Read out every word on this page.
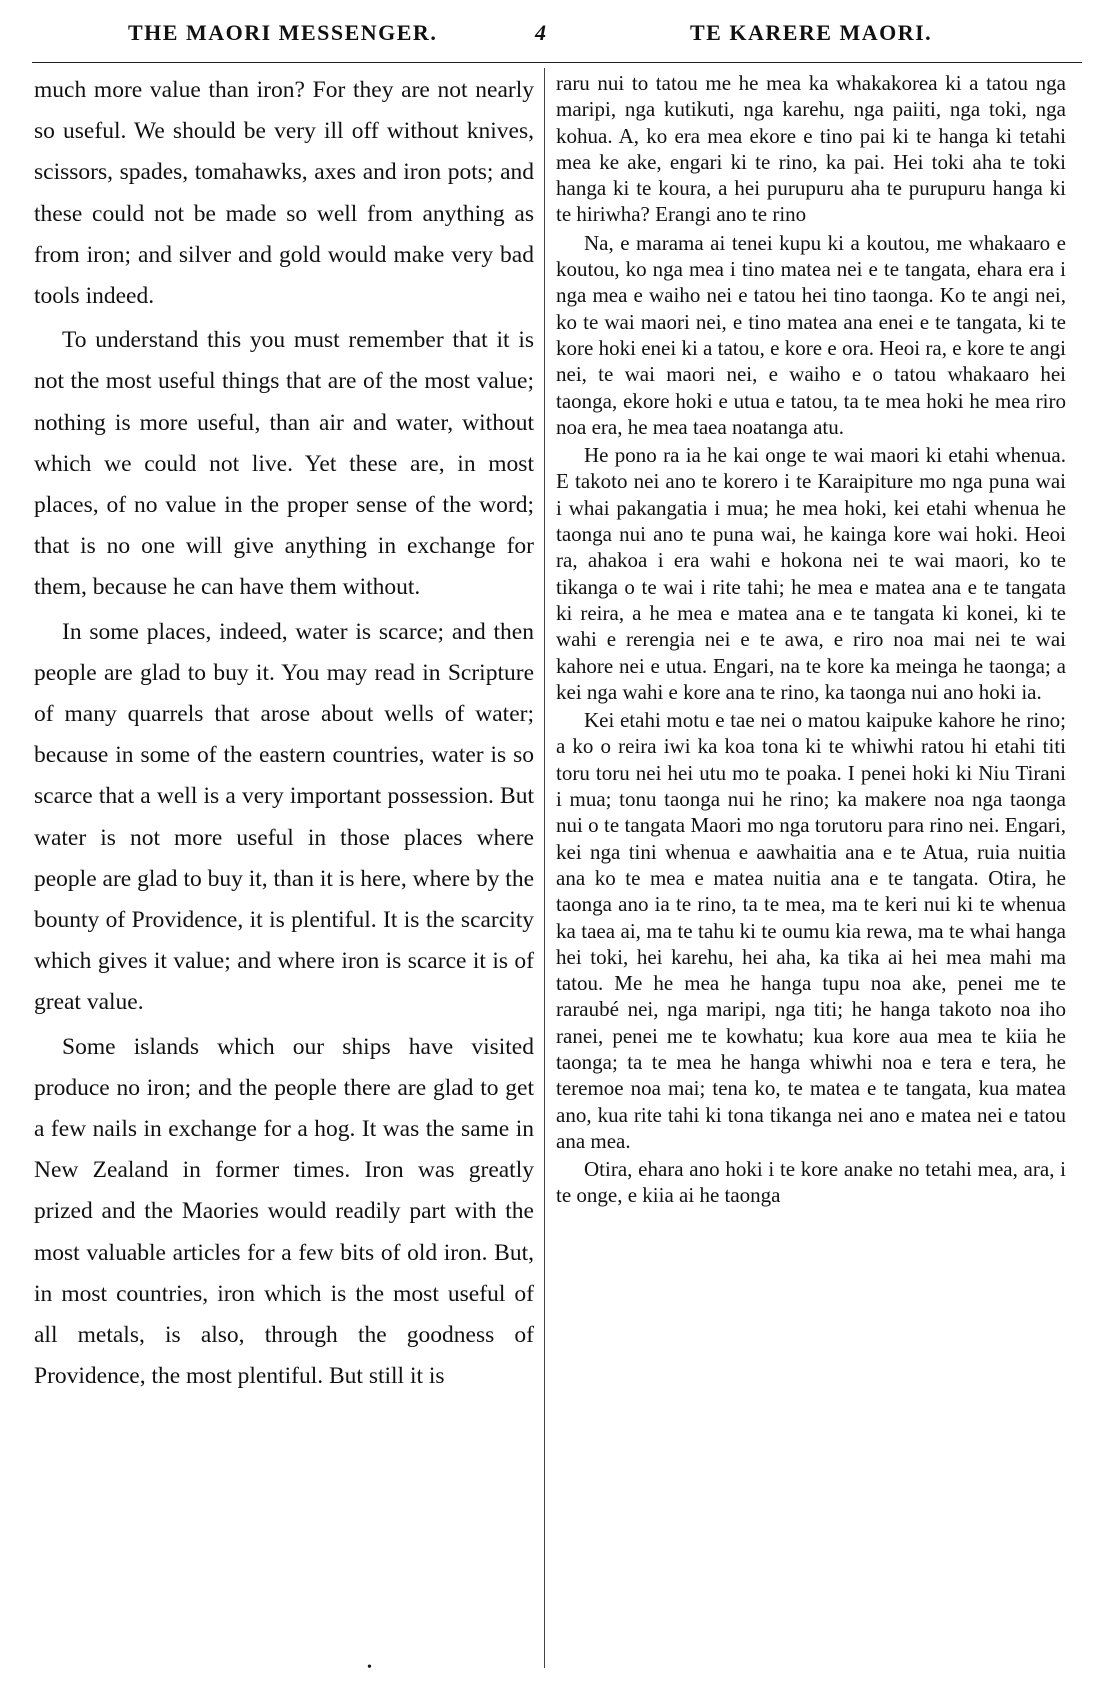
THE MAORI MESSENGER.	4	TE KARERE MAORI.

much more value than iron? For they are not nearly so useful. We should be very ill off without knives, scissors, spades, tomahawks, axes and iron pots; and these could not be made so well from anything as from iron; and silver and gold would make very bad tools indeed.

To understand this you must remember that it is not the most useful things that are of the most value; nothing is more useful, than air and water, without which we could not live. Yet these are, in most places, of no value in the proper sense of the word; that is no one will give anything in exchange for them, because he can have them without.

In some places, indeed, water is scarce; and then people are glad to buy it. You may read in Scripture of many quarrels that arose about wells of water; because in some of the eastern countries, water is so scarce that a well is a very important possession. But water is not more useful in those places where people are glad to buy it, than it is here, where by the bounty of Providence, it is plentiful. It is the scarcity which gives it value; and where iron is scarce it is of great value.

Some islands which our ships have visited produce no iron; and the people there are glad to get a few nails in exchange for a hog. It was the same in New Zealand in former times. Iron was greatly prized and the Maories would readily part with the most valuable articles for a few bits of old iron. But, in most countries, iron which is the most useful of all metals, is also, through the goodness of Providence, the most plentiful. But still it is

raru nui to tatou me he mea ka whakakorea ki a tatou nga maripi, nga kutikuti, nga karehu, nga paiiti, nga toki, nga kohua. A, ko era mea ekore e tino pai ki te hanga ki tetahi mea ke ake, engari ki te rino, ka pai. Hei toki aha te toki hanga ki te koura, a hei purupuru aha te purupuru hanga ki te hiriwha? Erangi ano te rino

Na, e marama ai tenei kupu ki a koutou, me whakaaro e koutou, ko nga mea i tino matea nei e te tangata, ehara era i nga mea e waiho nei e tatou hei tino taonga. Ko te angi nei, ko te wai maori nei, e tino matea ana enei e te tangata, ki te kore hoki enei ki a tatou, e kore e ora. Heoi ra, e kore te angi nei, te wai maori nei, e waiho e o tatou whakaaro hei taonga, ekore hoki e utua e tatou, ta te mea hoki he mea riro noa era, he mea taea noatanga atu.

He pono ra ia he kai onge te wai maori ki etahi whenua. E takoto nei ano te korero i te Karaipiture mo nga puna wai i whai pakangatia i mua; he mea hoki, kei etahi whenua he taonga nui ano te puna wai, he kainga kore wai hoki. Heoi ra, ahakoa i era wahi e hokona nei te wai maori, ko te tikanga o te wai i rite tahi; he mea e matea ana e te tangata ki reira, a he mea e matea ana e te tangata ki konei, ki te wahi e rerengia nei e te awa, e riro noa mai nei te wai kahore nei e utua. Engari, na te kore ka meinga he taonga; a kei nga wahi e kore ana te rino, ka taonga nui ano hoki ia.

Kei etahi motu e tae nei o matou kaipuke kahore he rino; a ko o reira iwi ka koa tona ki te whiwhi ratou hi etahi titi toru toru nei hei utu mo te poaka. I penei hoki ki Niu Tirani i mua; tonu taonga nui he rino; ka makere noa nga taonga nui o te tangata Maori mo nga torutoru para rino nei. Engari, kei nga tini whenua e aawhaitia ana e te Atua, ruia nuitia ana ko te mea e matea nuitia ana e te tangata. Otira, he taonga ano ia te rino, ta te mea, ma te keri nui ki te whenua ka taea ai, ma te tahu ki te oumu kia rewa, ma te whai hanga hei toki, hei karehu, hei aha, ka tika ai hei mea mahi ma tatou. Me he mea he hanga tupu noa ake, penei me te raraubé nei, nga maripi, nga titi; he hanga takoto noa iho ranei, penei me te kowhatu; kua kore aua mea te kiia he taonga; ta te mea he hanga whiwhi noa e tera e tera, he teremoe noa mai; tena ko, te matea e te tangata, kua matea ano, kua rite tahi ki tona tikanga nei ano e matea nei e tatou ana mea.

Otira, ehara ano hoki i te kore anake no tetahi mea, ara, i te onge, e kiia ai he taonga

•
